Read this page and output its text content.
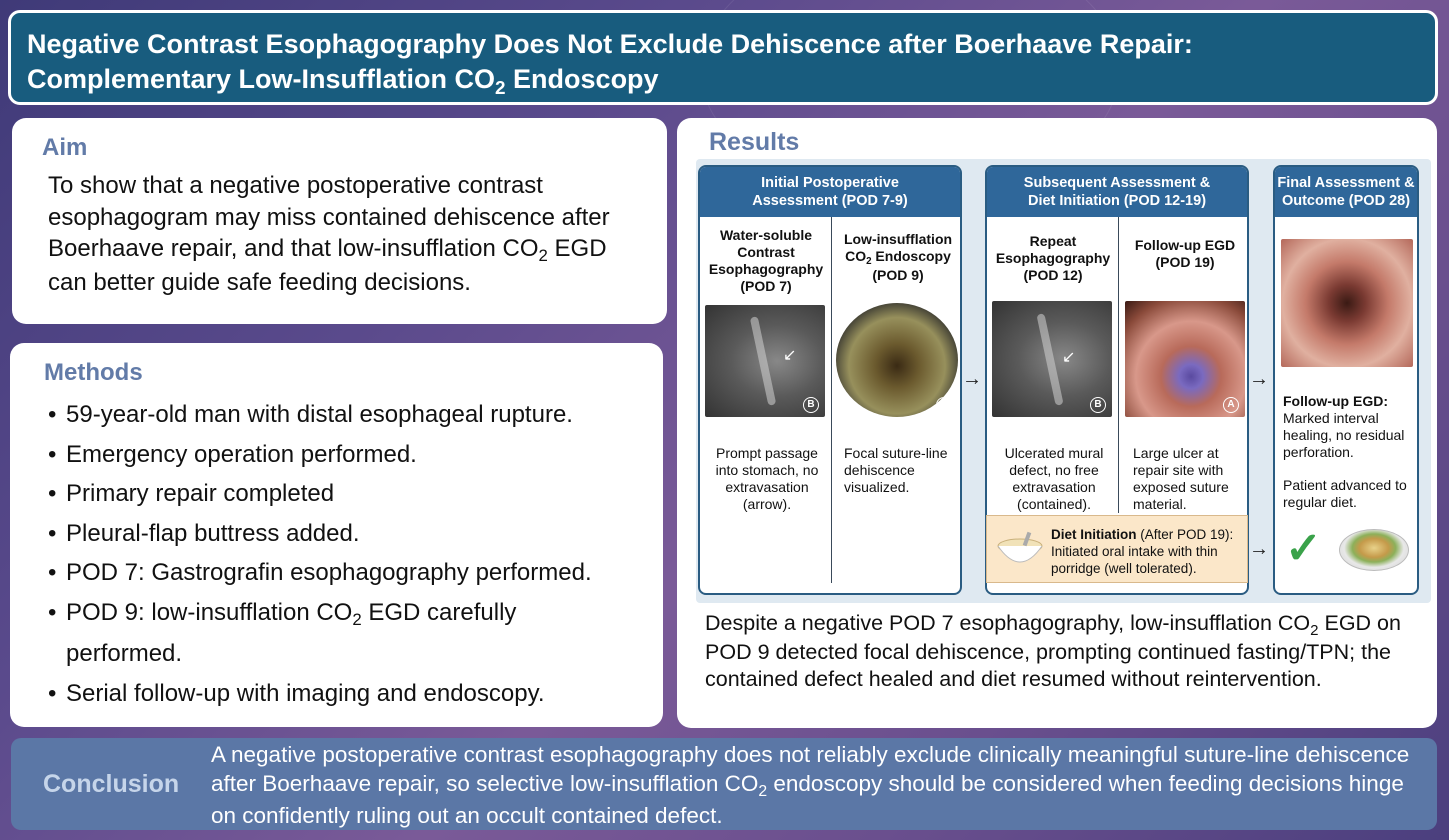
Negative Contrast Esophagography Does Not Exclude Dehiscence after Boerhaave Repair:
Complementary Low-Insufflation $CO_2$ Endoscopy
Aim
To show that a negative postoperative contrast esophagogram may miss contained dehiscence after Boerhaave repair, and that low-insufflation $CO_2$ EGD can better guide safe feeding decisions.
Methods
• 59-year-old man with distal esophageal rupture.
• Emergency operation performed.
• Primary repair completed
• Pleural-flap buttress added.
• POD 7: Gastrografin esophagography performed.
• POD 9: low-insufflation $CO_2$ EGD carefully performed.
• Serial follow-up with imaging and endoscopy.
Results
Initial Postoperative
Assessment (POD 7-9)
Water-soluble Contrast Esophagography (POD 7)
↙
B
Prompt passage into stomach, no extravasation (arrow).
Low-insufflation $CO_2$ Endoscopy (POD 9)
A
Focal suture-line dehiscence visualized.
→
Subsequent Assessment &
Diet Initiation (POD 12-19)
Repeat Esophagography (POD 12)
↙
B
Ulcerated mural defect, no free extravasation (contained).
Follow-up EGD (POD 19)
A
Large ulcer at repair site with exposed suture material.
Diet Initiation (After POD 19):
Initiated oral intake with thin porridge (well tolerated).
→
→
Final Assessment &
Outcome (POD 28)
Follow-up EGD:
Marked interval healing, no residual perforation.
Patient advanced to regular diet.
✓
Despite a negative POD 7 esophagography, low-insufflation $CO_2$ EGD on POD 9 detected focal dehiscence, prompting continued fasting/TPN; the contained defect healed and diet resumed without reintervention.
Conclusion
A negative postoperative contrast esophagography does not reliably exclude clinically meaningful suture-line dehiscence after Boerhaave repair, so selective low-insufflation $CO_2$ endoscopy should be considered when feeding decisions hinge on confidently ruling out an occult contained defect.
